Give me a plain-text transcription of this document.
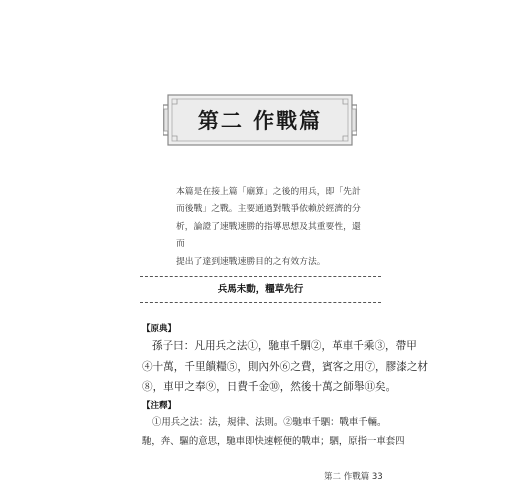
第二 作戰篇
本篇是在接上篇「廟算」之後的用兵，即「先計
而後戰」之戰。主要通過對戰爭依賴於經濟的分
析，論證了速戰速勝的指導思想及其重要性，還而
提出了達到速戰速勝目的之有效方法。
兵馬未動，糧草先行
【原典】
孫子曰：凡用兵之法①，馳車千駟②，革車千乘③，帶甲
④十萬，千里饋糧⑤，則內外⑥之費，賓客之用⑦，膠漆之材
⑧，車甲之奉⑨，日費千金⑩，然後十萬之師舉⑪矣。
【注釋】
①用兵之法：法，規律、法則。②馳車千駟：戰車千輛。
馳，奔、驅的意思，馳車即快速輕便的戰車；駟，原指一車套四
第二 作戰篇 33
